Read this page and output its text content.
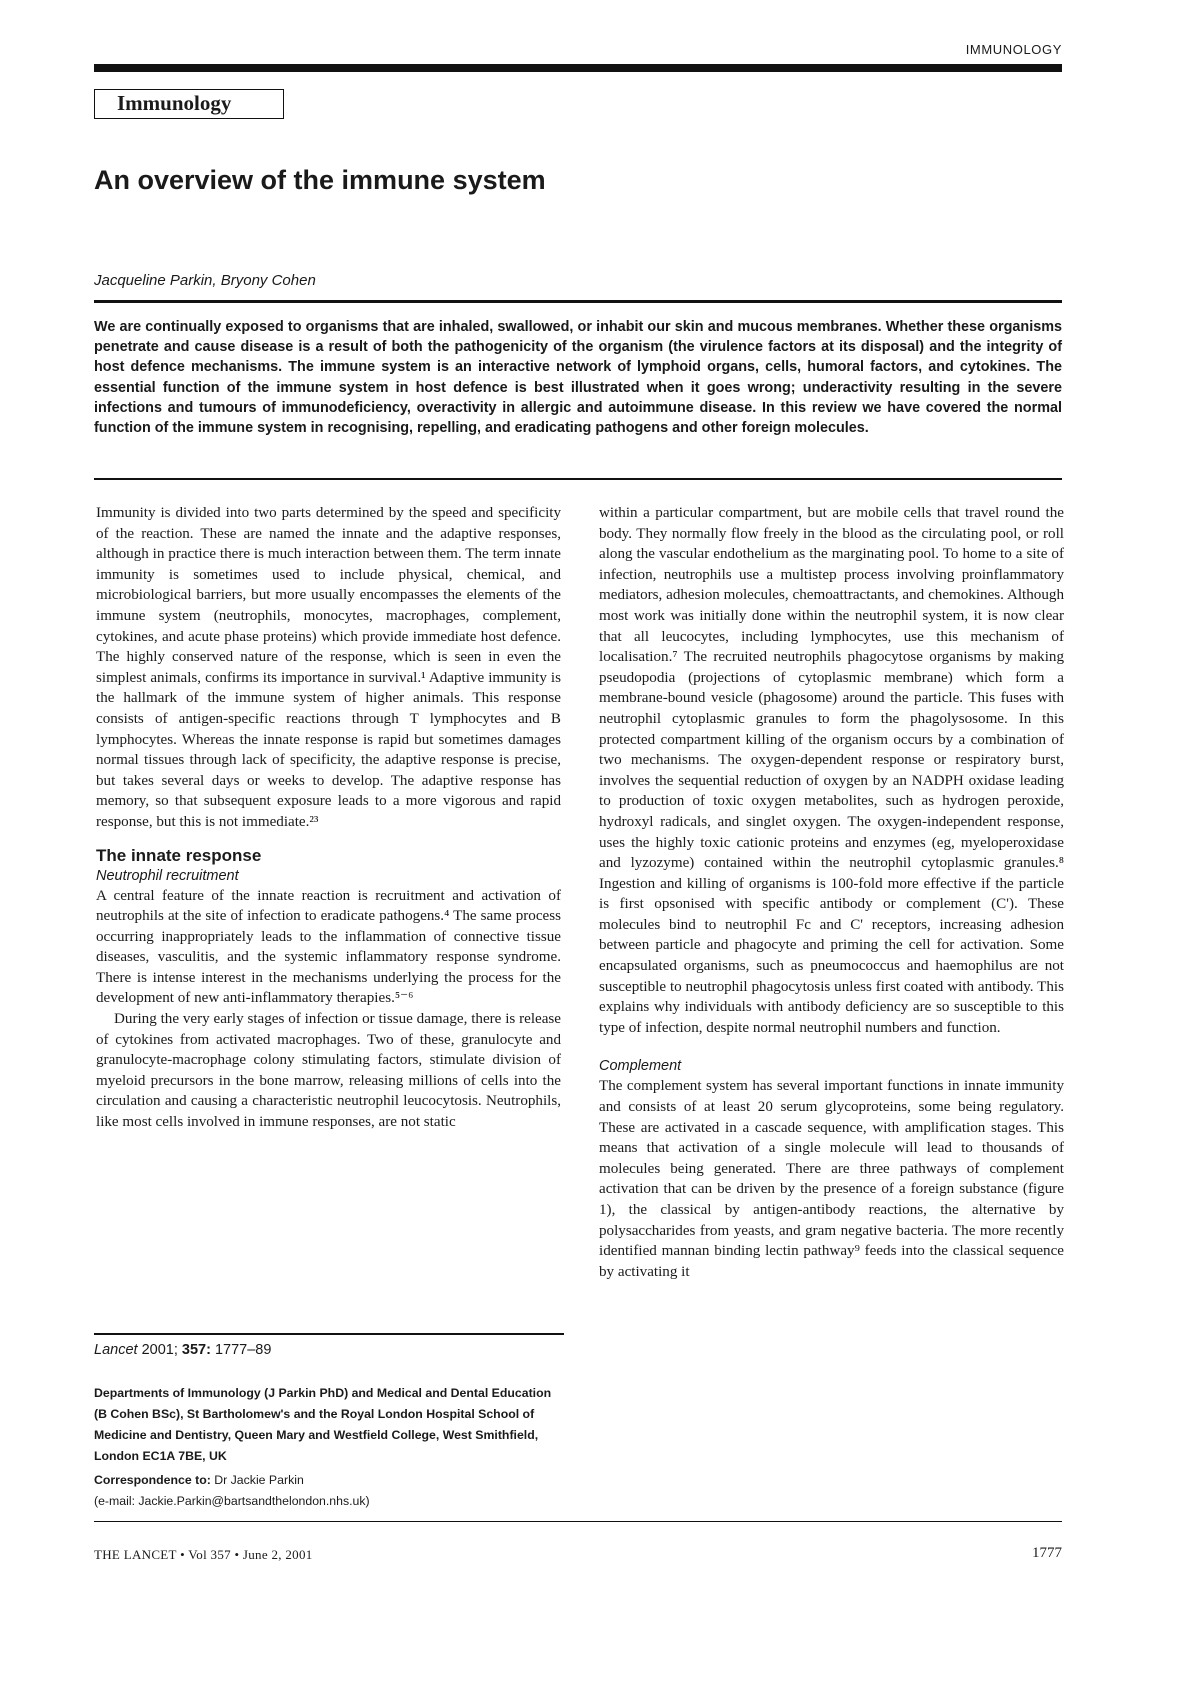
IMMUNOLOGY
Immunology
An overview of the immune system
Jacqueline Parkin, Bryony Cohen

We are continually exposed to organisms that are inhaled, swallowed, or inhabit our skin and mucous membranes. Whether these organisms penetrate and cause disease is a result of both the pathogenicity of the organism (the virulence factors at its disposal) and the integrity of host defence mechanisms. The immune system is an interactive network of lymphoid organs, cells, humoral factors, and cytokines. The essential function of the immune system in host defence is best illustrated when it goes wrong; underactivity resulting in the severe infections and tumours of immunodeficiency, overactivity in allergic and autoimmune disease. In this review we have covered the normal function of the immune system in recognising, repelling, and eradicating pathogens and other foreign molecules.

Immunity is divided into two parts determined by the speed and specificity of the reaction. These are named the innate and the adaptive responses, although in practice there is much interaction between them. The term innate immunity is sometimes used to include physical, chemical, and microbiological barriers, but more usually encompasses the elements of the immune system (neutrophils, monocytes, macrophages, complement, cytokines, and acute phase proteins) which provide immediate host defence. The highly conserved nature of the response, which is seen in even the simplest animals, confirms its importance in survival.¹ Adaptive immunity is the hallmark of the immune system of higher animals. This response consists of antigen-specific reactions through T lymphocytes and B lymphocytes. Whereas the innate response is rapid but sometimes damages normal tissues through lack of specificity, the adaptive response is precise, but takes several days or weeks to develop. The adaptive response has memory, so that subsequent exposure leads to a more vigorous and rapid response, but this is not immediate.²³

The innate response

Neutrophil recruitment

A central feature of the innate reaction is recruitment and activation of neutrophils at the site of infection to eradicate pathogens.⁴ The same process occurring inappropriately leads to the inflammation of connective tissue diseases, vasculitis, and the systemic inflammatory response syndrome. There is intense interest in the mechanisms underlying the process for the development of new anti-inflammatory therapies.⁵⁻⁶

During the very early stages of infection or tissue damage, there is release of cytokines from activated macrophages. Two of these, granulocyte and granulocyte-macrophage colony stimulating factors, stimulate division of myeloid precursors in the bone marrow, releasing millions of cells into the circulation and causing a characteristic neutrophil leucocytosis. Neutrophils, like most cells involved in immune responses, are not static

Lancet 2001; 357: 1777–89

Departments of Immunology (J Parkin PhD) and Medical and Dental Education (B Cohen BSc), St Bartholomew's and the Royal London Hospital School of Medicine and Dentistry, Queen Mary and Westfield College, West Smithfield, London EC1A 7BE, UK

Correspondence to: Dr Jackie Parkin

(e-mail: Jackie.Parkin@bartsandthelondon.nhs.uk)

within a particular compartment, but are mobile cells that travel round the body. They normally flow freely in the blood as the circulating pool, or roll along the vascular endothelium as the marginating pool. To home to a site of infection, neutrophils use a multistep process involving proinflammatory mediators, adhesion molecules, chemoattractants, and chemokines. Although most work was initially done within the neutrophil system, it is now clear that all leucocytes, including lymphocytes, use this mechanism of localisation.⁷ The recruited neutrophils phagocytose organisms by making pseudopodia (projections of cytoplasmic membrane) which form a membrane-bound vesicle (phagosome) around the particle. This fuses with neutrophil cytoplasmic granules to form the phagolysosome. In this protected compartment killing of the organism occurs by a combination of two mechanisms. The oxygen-dependent response or respiratory burst, involves the sequential reduction of oxygen by an NADPH oxidase leading to production of toxic oxygen metabolites, such as hydrogen peroxide, hydroxyl radicals, and singlet oxygen. The oxygen-independent response, uses the highly toxic cationic proteins and enzymes (eg, myeloperoxidase and lyzozyme) contained within the neutrophil cytoplasmic granules.⁸ Ingestion and killing of organisms is 100-fold more effective if the particle is first opsonised with specific antibody or complement (C'). These molecules bind to neutrophil Fc and C' receptors, increasing adhesion between particle and phagocyte and priming the cell for activation. Some encapsulated organisms, such as pneumococcus and haemophilus are not susceptible to neutrophil phagocytosis unless first coated with antibody. This explains why individuals with antibody deficiency are so susceptible to this type of infection, despite normal neutrophil numbers and function.

Complement

The complement system has several important functions in innate immunity and consists of at least 20 serum glycoproteins, some being regulatory. These are activated in a cascade sequence, with amplification stages. This means that activation of a single molecule will lead to thousands of molecules being generated. There are three pathways of complement activation that can be driven by the presence of a foreign substance (figure 1), the classical by antigen-antibody reactions, the alternative by polysaccharides from yeasts, and gram negative bacteria. The more recently identified mannan binding lectin pathway⁹ feeds into the classical sequence by activating it

THE LANCET • Vol 357 • June 2, 2001	1777
